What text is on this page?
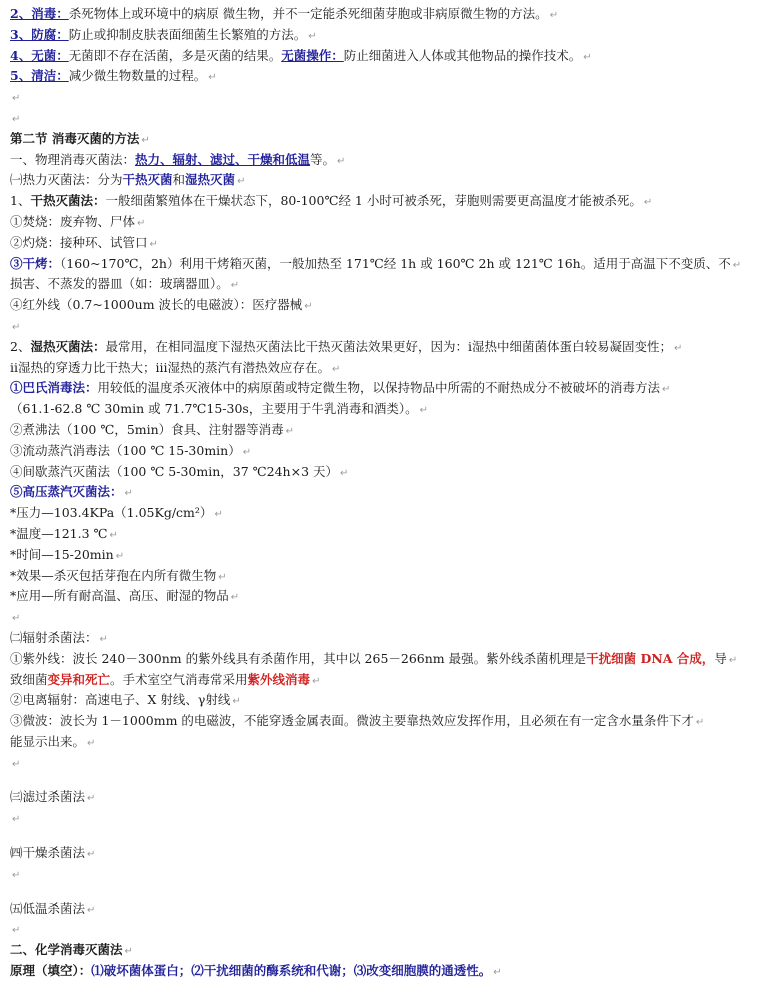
2、消毒：杀死物体上或环境中的病原 微生物，并不一定能杀死细菌芽胞或非病原微生物的方法。 ↵
3、防腐：防止或抑制皮肤表面细菌生长繁殖的方法。 ↵
4、无菌：无菌即不存在活菌，多是灭菌的结果。无菌操作：防止细菌进入人体或其他物品的操作技术。 ↵
5、清洁：减少微生物数量的过程。 ↵
↵
↵
第二节 消毒灭菌的方法 ↵
一、物理消毒灭菌法：热力、辐射、滤过、干燥和低温等。 ↵
㈠热力灭菌法：分为干热灭菌和湿热灭菌 ↵
1、干热灭菌法：一般细菌繁殖体在干燥状态下，80-100℃经 1 小时可被杀死，芽胞则需要更高温度才能被杀死。 ↵
①焚烧：废弃物、尸体 ↵
②灼烧：接种环、试管口 ↵
③干烤：（160~170℃，2h）利用干烤箱灭菌，一般加热至 171℃经 1h 或 160℃ 2h 或 121℃ 16h。适用于高温下不变质、不 ↵
损害、不蒸发的器皿（如：玻璃器皿）。 ↵
④红外线（0.7~1000um 波长的电磁波）：医疗器械 ↵
↵
2、湿热灭菌法：最常用，在相同温度下湿热灭菌法比干热灭菌法效果更好，因为：ⅰ湿热中细菌菌体蛋白较易凝固变性； ↵
ⅱ湿热的穿透力比干热大；ⅲ湿热的蒸汽有潜热效应存在。 ↵
①巴氏消毒法：用较低的温度杀灭液体中的病原菌或特定微生物，以保持物品中所需的不耐热成分不被破坏的消毒方法 ↵
（61.1-62.8 ℃ 30min 或 71.7℃15-30s，主要用于牛乳消毒和酒类）。 ↵
②煮沸法（100 ℃，5min）食具、注射器等消毒 ↵
③流动蒸汽消毒法（100 ℃ 15-30min） ↵
④间歇蒸汽灭菌法（100 ℃ 5-30min，37 ℃24h×3 天） ↵
⑤高压蒸汽灭菌法： ↵
*压力—103.4KPa（1.05Kg/cm²） ↵
*温度—121.3 ℃ ↵
*时间—15-20min ↵
*效果—杀灭包括芽孢在内所有微生物 ↵
*应用—所有耐高温、高压、耐湿的物品 ↵
↵
㈡辐射杀菌法： ↵
①紫外线：波长 240－300nm 的紫外线具有杀菌作用，其中以 265－266nm 最强。紫外线杀菌机理是干扰细菌 DNA 合成，导 ↵
致细菌变异和死亡。手术室空气消毒常采用紫外线消毒 ↵
②电离辐射：高速电子、X 射线、γ射线 ↵
③微波：波长为 1－1000mm 的电磁波，不能穿透金属表面。微波主要靠热效应发挥作用，且必须在有一定含水量条件下才 ↵
能显示出来。 ↵
↵
㈢滤过杀菌法 ↵
↵
㈣干燥杀菌法 ↵
↵
㈤低温杀菌法 ↵
↵
二、化学消毒灭菌法 ↵
原理（填空）：⑴破坏菌体蛋白；⑵干扰细菌的酶系统和代谢；⑶改变细胞膜的通透性。 ↵
